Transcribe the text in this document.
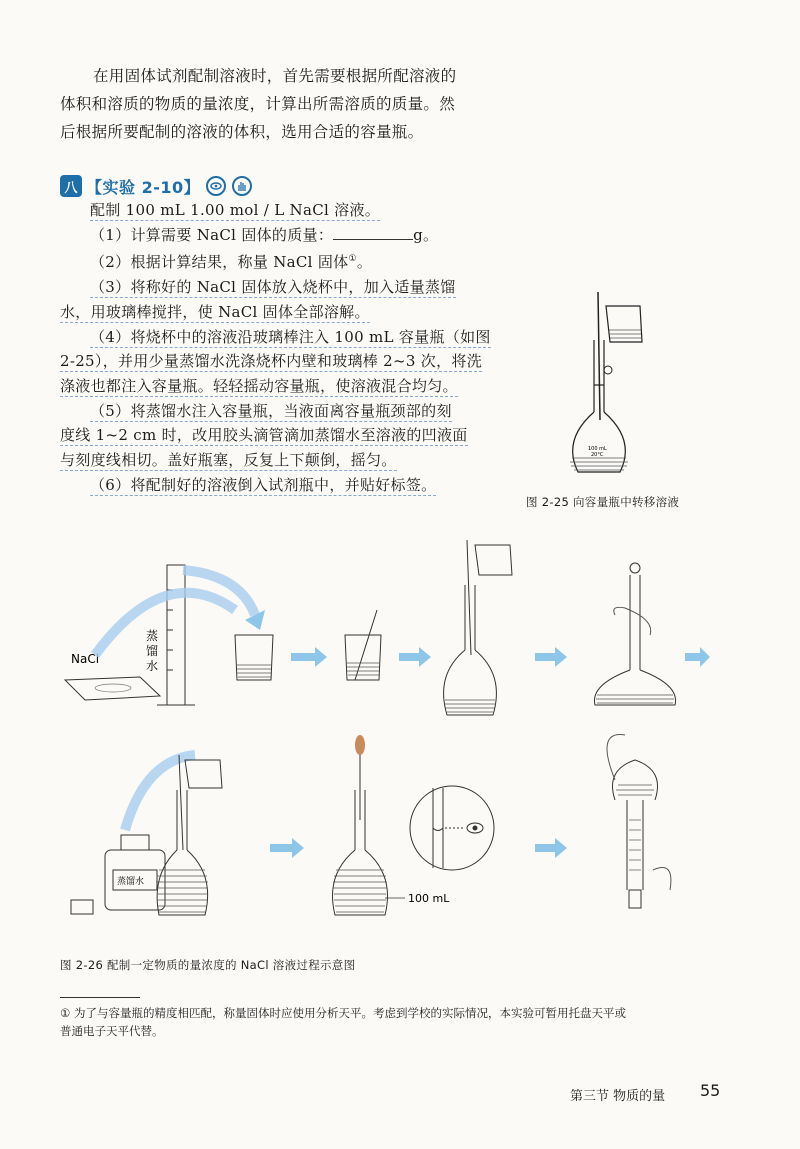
在用固体试剂配制溶液时，首先需要根据所配溶液的

体积和溶质的物质的量浓度，计算出所需溶质的质量。然

后根据所要配制的溶液的体积，选用合适的容量瓶。

八 【实验 2-10】

配制 100 mL 1.00 mol / L NaCl 溶液。

（1）计算需要 NaCl 固体的质量：	g。

（2）根据计算结果，称量 NaCl 固体①。

（3）将称好的 NaCl 固体放入烧杯中，加入适量蒸馏

水，用玻璃棒搅拌，使 NaCl 固体全部溶解。

（4）将烧杯中的溶液沿玻璃棒注入 100 mL 容量瓶（如图

2-25），并用少量蒸馏水洗涤烧杯内壁和玻璃棒 2~3 次，将洗

涤液也都注入容量瓶。轻轻摇动容量瓶，使溶液混合均匀。

（5）将蒸馏水注入容量瓶，当液面离容量瓶颈部的刻

度线 1~2 cm 时，改用胶头滴管滴加蒸馏水至溶液的凹液面

与刻度线相切。盖好瓶塞，反复上下颠倒，摇匀。

（6）将配制好的溶液倒入试剂瓶中，并贴好标签。

100 mL
20°C
图 2-25 向容量瓶中转移溶液
NaCl
蒸
馏
水
蒸馏水
100 mL
图 2-26 配制一定物质的量浓度的 NaCl 溶液过程示意图
① 为了与容量瓶的精度相匹配，称量固体时应使用分析天平。考虑到学校的实际情况，本实验可暂用托盘天平或
普通电子天平代替。
第三节 物质的量 55
